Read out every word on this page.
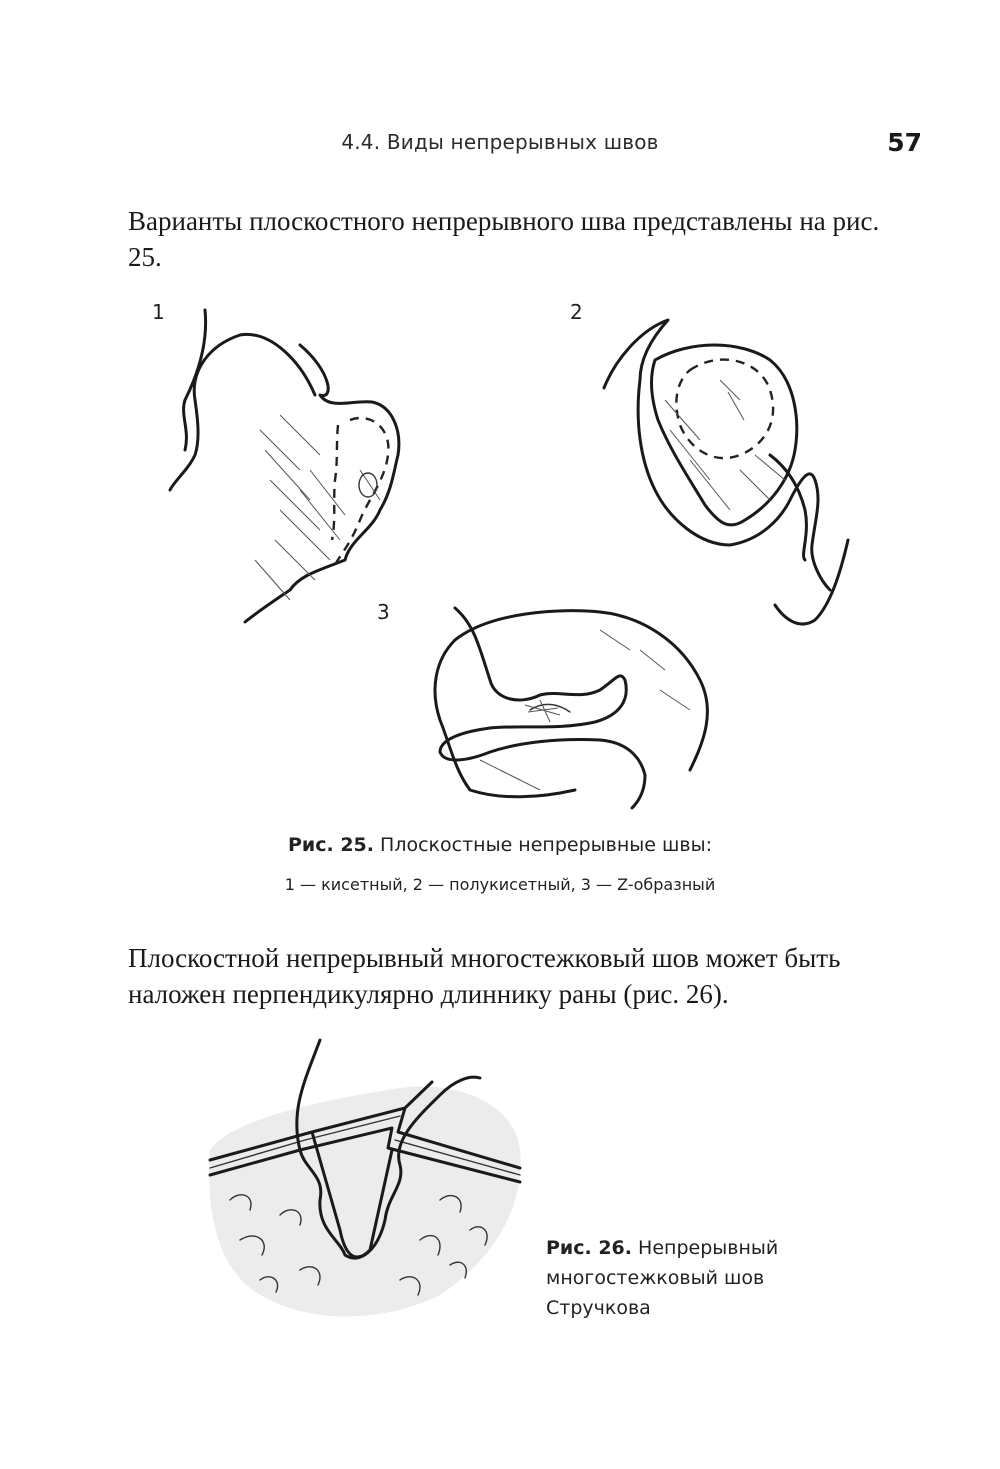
4.4. Виды непрерывных швов	57
Варианты плоскостного непрерывного шва представлены на рис. 25.
1	2
3
Рис. 25. Плоскостные непрерывные швы:
1 — кисетный, 2 — полукисетный, 3 — Z-образный
Плоскостной непрерывный многостежковый шов может быть наложен перпендикулярно длиннику раны (рис. 26).
Рис. 26. Непрерывный многостежковый шов Стручкова
